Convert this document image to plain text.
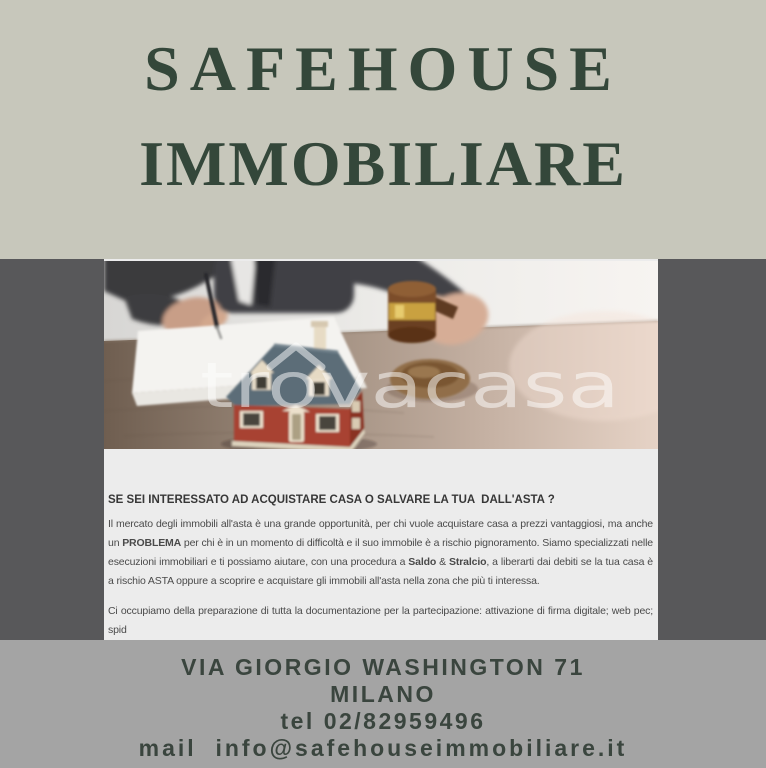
SAFEHOUSE
IMMOBILIARE
trovacasa

SE SEI INTERESSATO AD ACQUISTARE CASA O SALVARE LA TUA  DALL'ASTA ?

Il mercato degli immobili all'asta è una grande opportunità, per chi vuole acquistare casa a prezzi vantaggiosi, ma anche un PROBLEMA per chi è in un momento di difficoltà e il suo immobile è a rischio pignoramento. Siamo specializzati nelle esecuzioni immobiliari e ti possiamo aiutare, con una procedura a Saldo & Stralcio, a liberarti dai debiti se la tua casa è a rischio ASTA oppure a scoprire e acquistare gli immobili all'asta nella zona che più ti interessa.

Ci occupiamo della preparazione di tutta la documentazione per la partecipazione: attivazione di firma digitale; web pec; spid

VIA GIORGIO WASHINGTON 71
MILANO
tel 02/82959496
mail  info@safehouseimmobiliare.it
